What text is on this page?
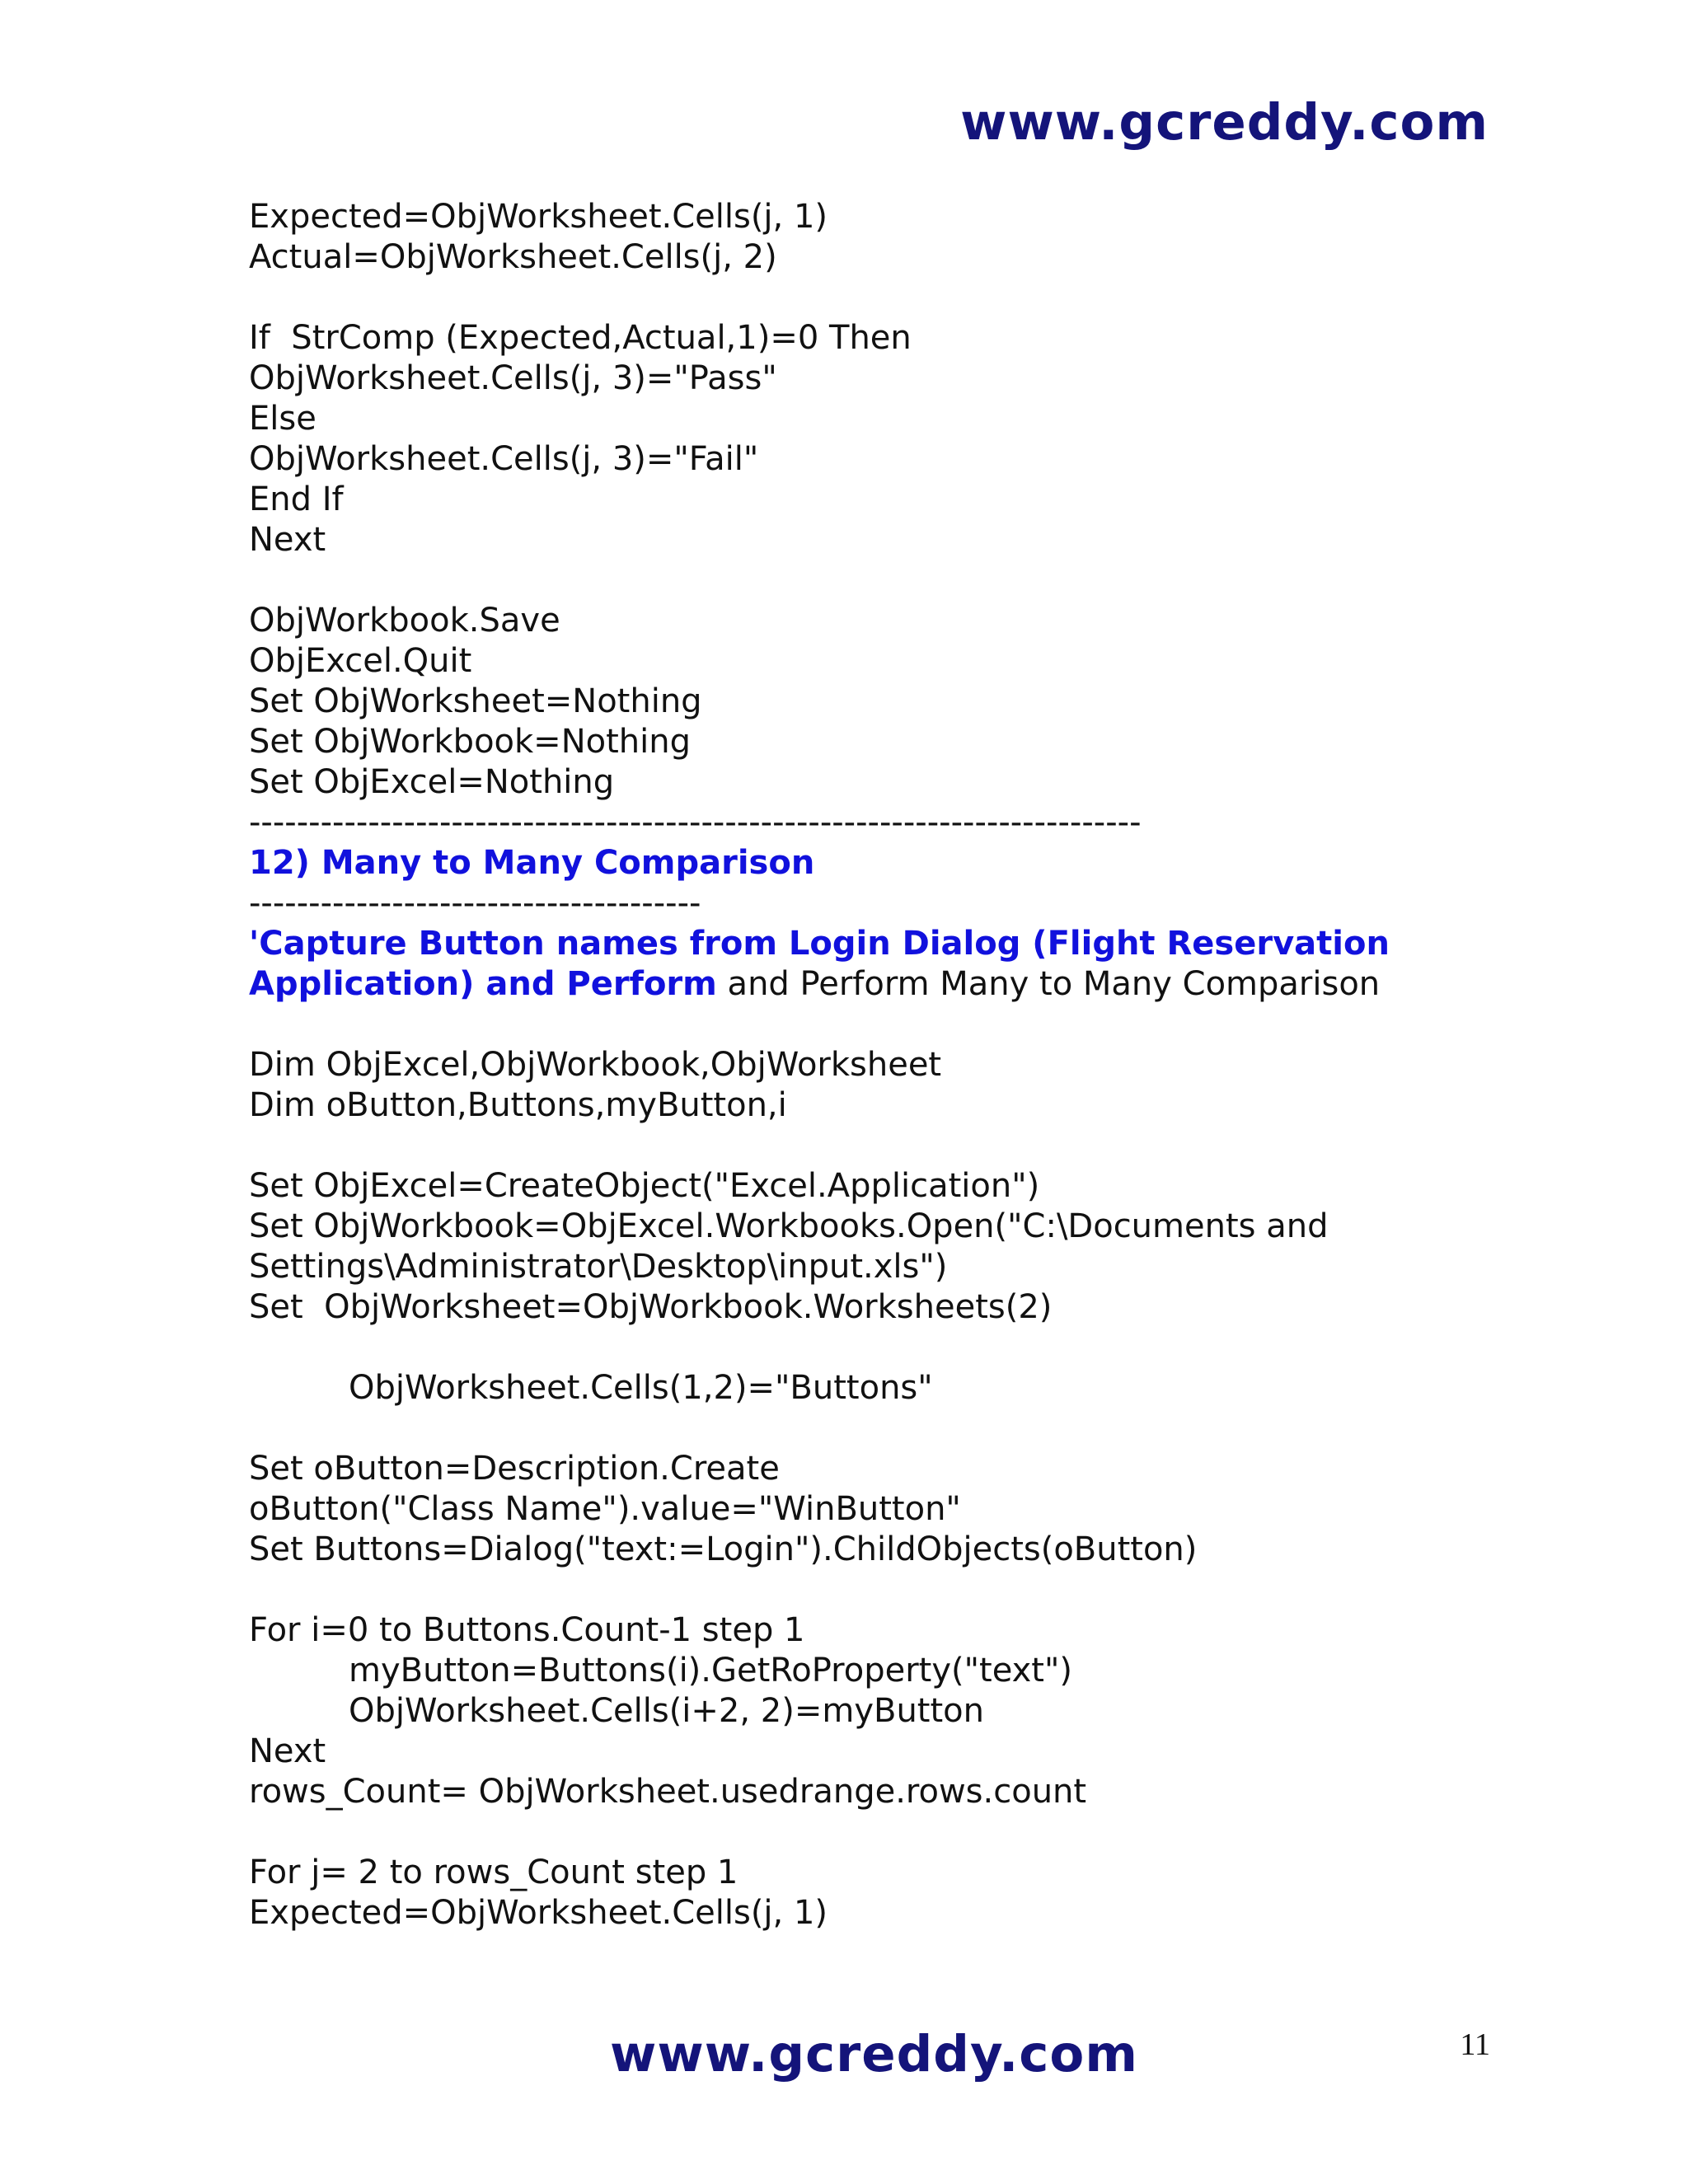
www.gcreddy.com
Expected=ObjWorksheet.Cells(j, 1)
Actual=ObjWorksheet.Cells(j, 2)
If  StrComp (Expected,Actual,1)=0 Then
ObjWorksheet.Cells(j, 3)="Pass"
Else
ObjWorksheet.Cells(j, 3)="Fail"
End If
Next
ObjWorkbook.Save
ObjExcel.Quit
Set ObjWorksheet=Nothing
Set ObjWorkbook=Nothing
Set ObjExcel=Nothing
---------------------------------------------------------------------------
12) Many to Many Comparison
--------------------------------------
'Capture Button names from Login Dialog (Flight Reservation
Application) and Perform and Perform Many to Many Comparison
Dim ObjExcel,ObjWorkbook,ObjWorksheet
Dim oButton,Buttons,myButton,i
Set ObjExcel=CreateObject("Excel.Application")
Set ObjWorkbook=ObjExcel.Workbooks.Open("C:\Documents and
Settings\Administrator\Desktop\input.xls")
Set  ObjWorksheet=ObjWorkbook.Worksheets(2)
ObjWorksheet.Cells(1,2)="Buttons"
Set oButton=Description.Create
oButton("Class Name").value="WinButton"
Set Buttons=Dialog("text:=Login").ChildObjects(oButton)
For i=0 to Buttons.Count-1 step 1
myButton=Buttons(i).GetRoProperty("text")
ObjWorksheet.Cells(i+2, 2)=myButton
Next
rows_Count= ObjWorksheet.usedrange.rows.count
For j= 2 to rows_Count step 1
Expected=ObjWorksheet.Cells(j, 1)
www.gcreddy.com	11
